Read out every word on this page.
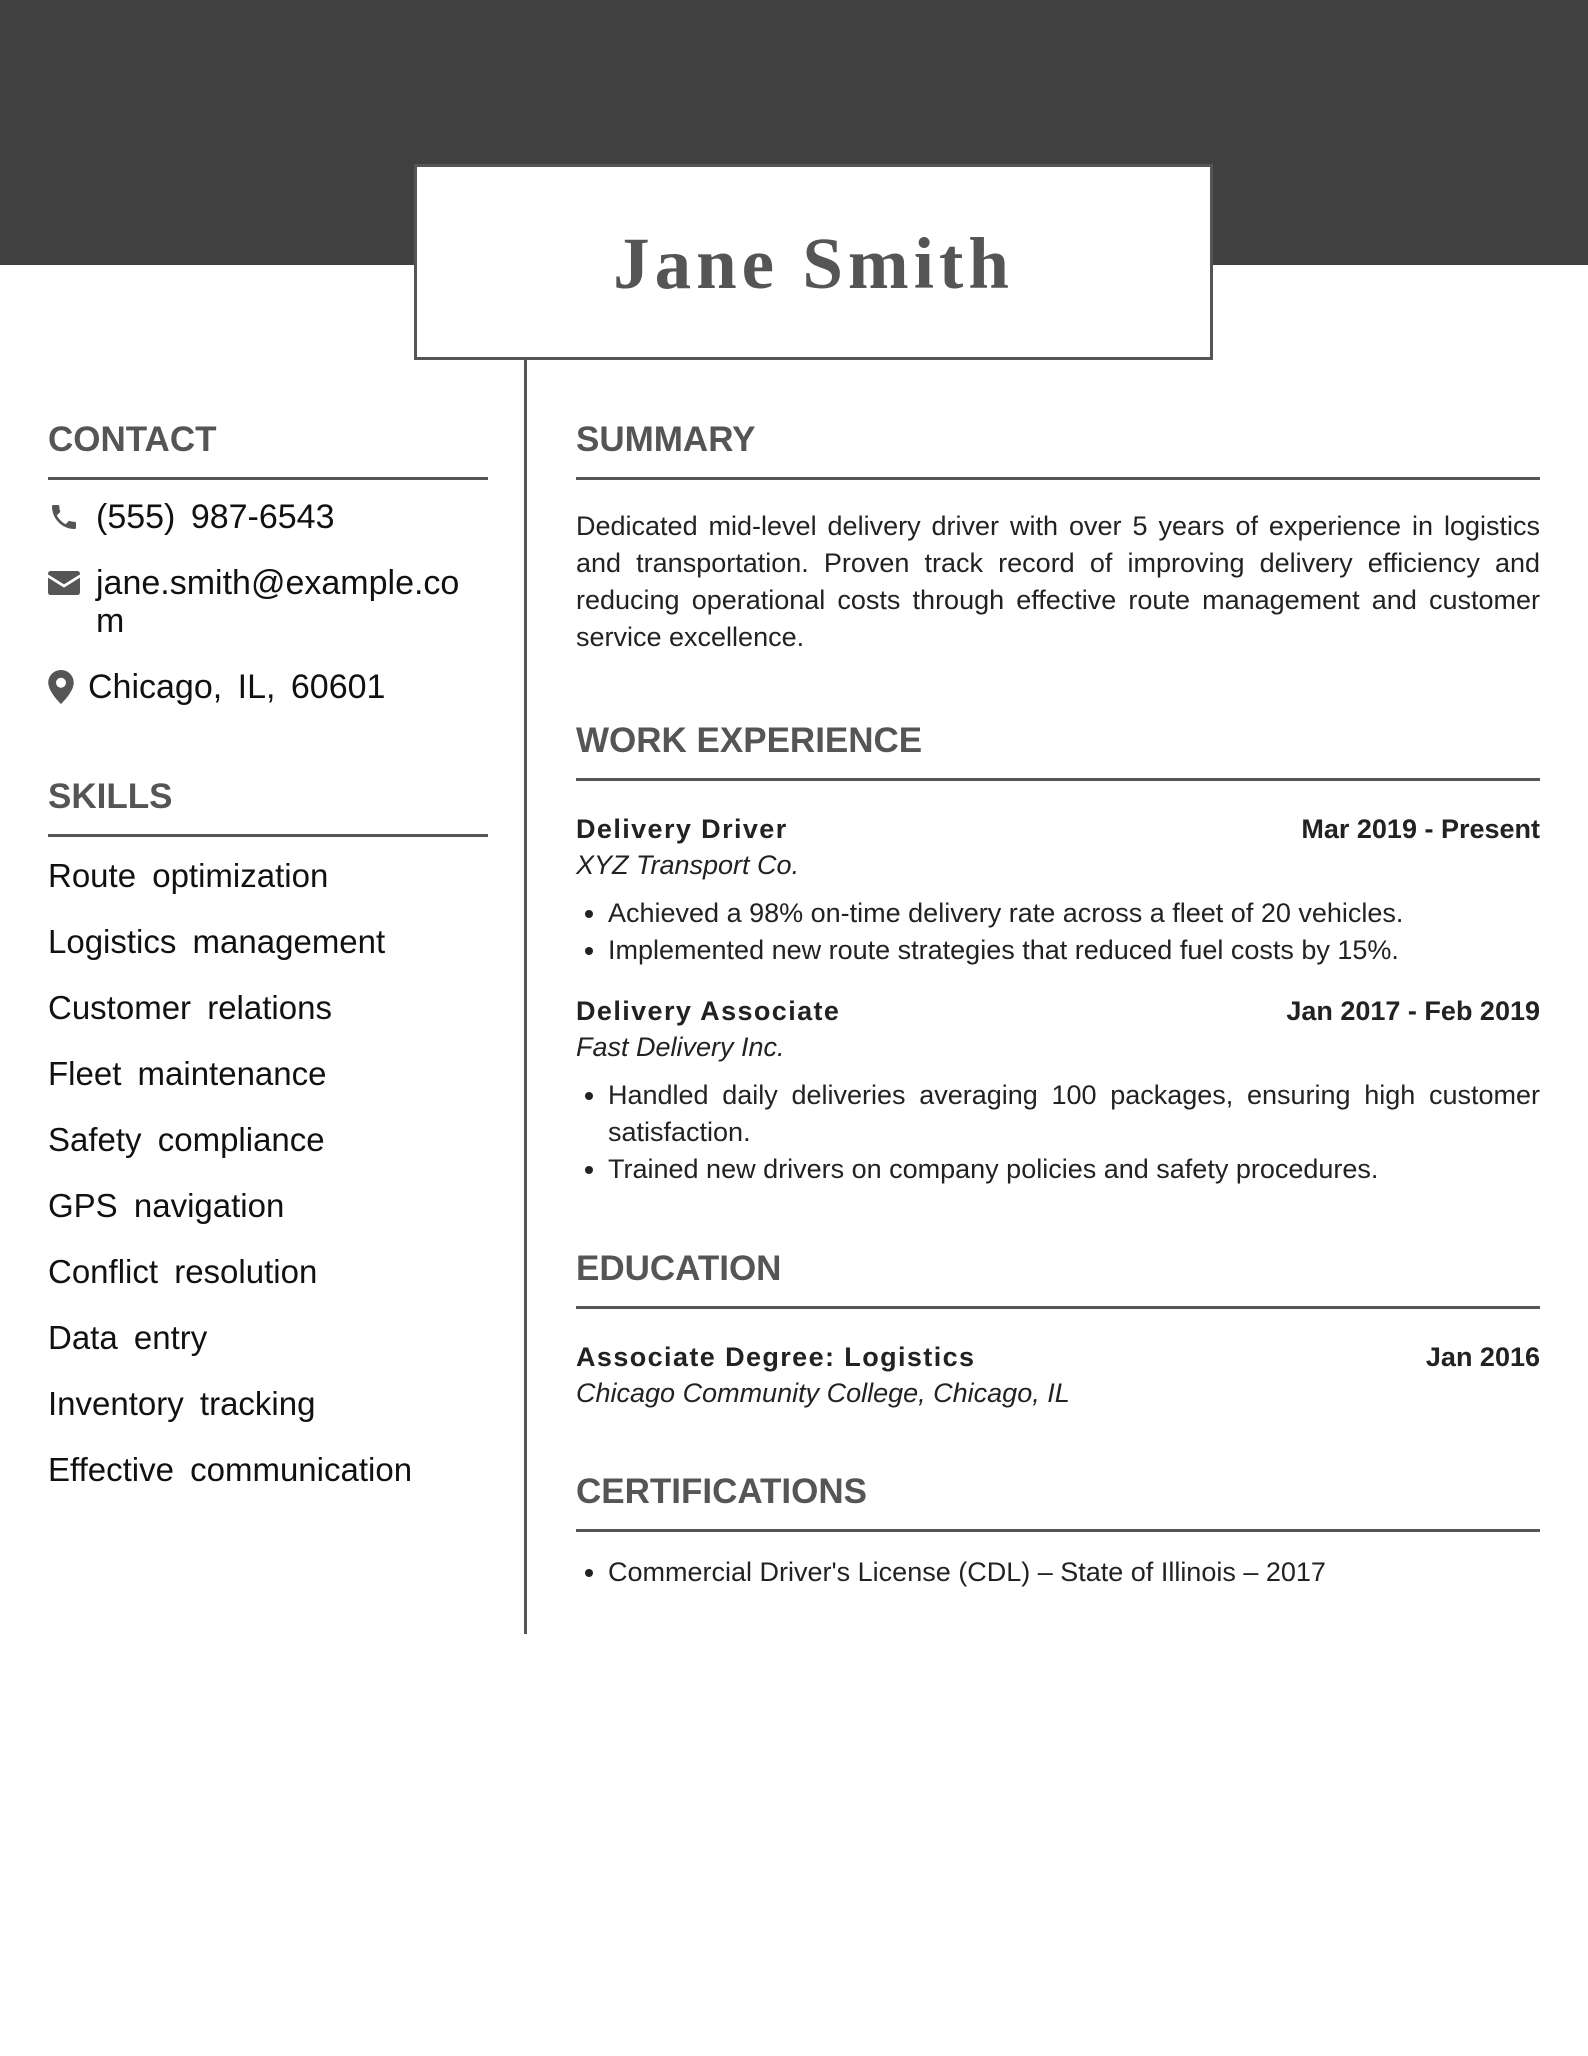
Jane Smith
CONTACT
(555) 987-6543
jane.smith@example.com
Chicago, IL, 60601
SKILLS
Route optimization
Logistics management
Customer relations
Fleet maintenance
Safety compliance
GPS navigation
Conflict resolution
Data entry
Inventory tracking
Effective communication
SUMMARY
Dedicated mid-level delivery driver with over 5 years of experience in logistics and transportation. Proven track record of improving delivery efficiency and reducing operational costs through effective route management and customer service excellence.
WORK EXPERIENCE
Delivery Driver	Mar 2019 - Present
XYZ Transport Co.
• Achieved a 98% on-time delivery rate across a fleet of 20 vehicles.
• Implemented new route strategies that reduced fuel costs by 15%.
Delivery Associate	Jan 2017 - Feb 2019
Fast Delivery Inc.
• Handled daily deliveries averaging 100 packages, ensuring high customer satisfaction.
• Trained new drivers on company policies and safety procedures.
EDUCATION
Associate Degree: Logistics	Jan 2016
Chicago Community College, Chicago, IL
CERTIFICATIONS
• Commercial Driver's License (CDL) – State of Illinois – 2017
